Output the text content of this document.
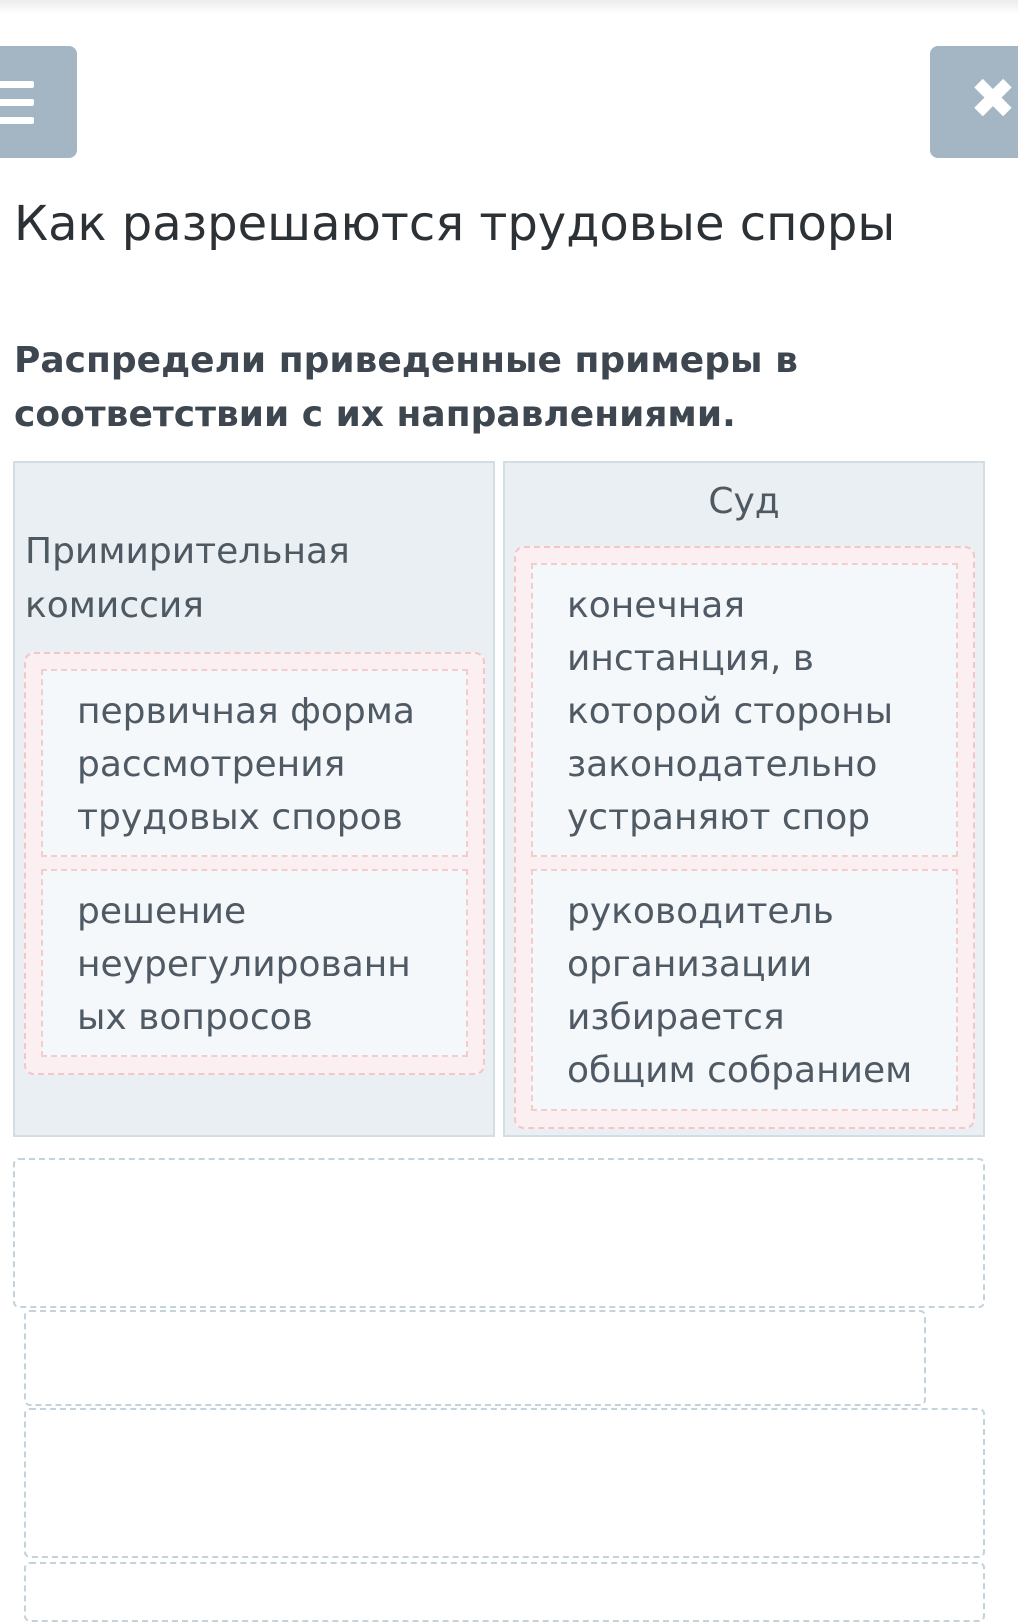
✖
Как разрешаются трудовые споры

Распредели приведенные примеры в соответствии с их направлениями.

Примирительная комиссия
первичная форма
рассмотрения
трудовых споров
решение
неурегулированн
ых вопросов
Суд
конечная
инстанция, в
которой стороны
законодательно
устраняют спор
руководитель
организации
избирается
общим собранием
